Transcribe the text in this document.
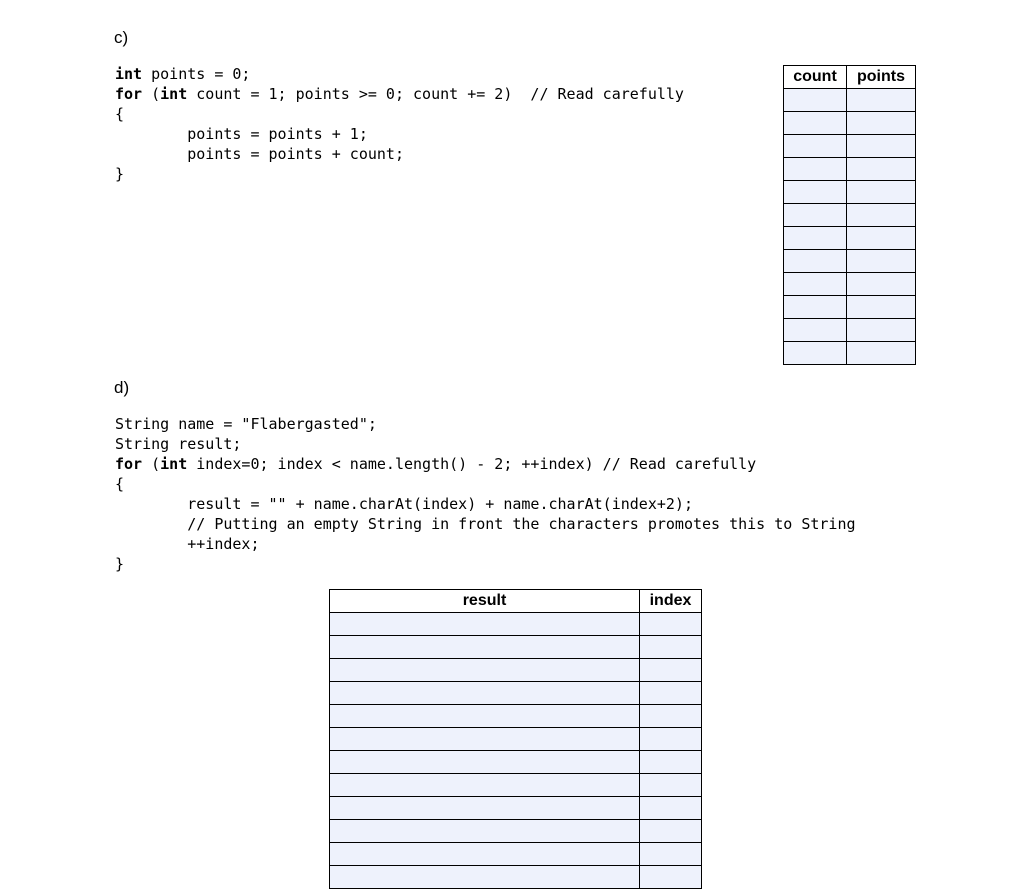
c)
int points = 0;
for (int count = 1; points >= 0; count += 2)  // Read carefully
{
points = points + 1;
points = points + count;
}
count	points

d)
String name = "Flabergasted";
String result;
for (int index=0; index < name.length() - 2; ++index) // Read carefully
{
result = "" + name.charAt(index) + name.charAt(index+2);
// Putting an empty String in front the characters promotes this to String
++index;
}
result	index
